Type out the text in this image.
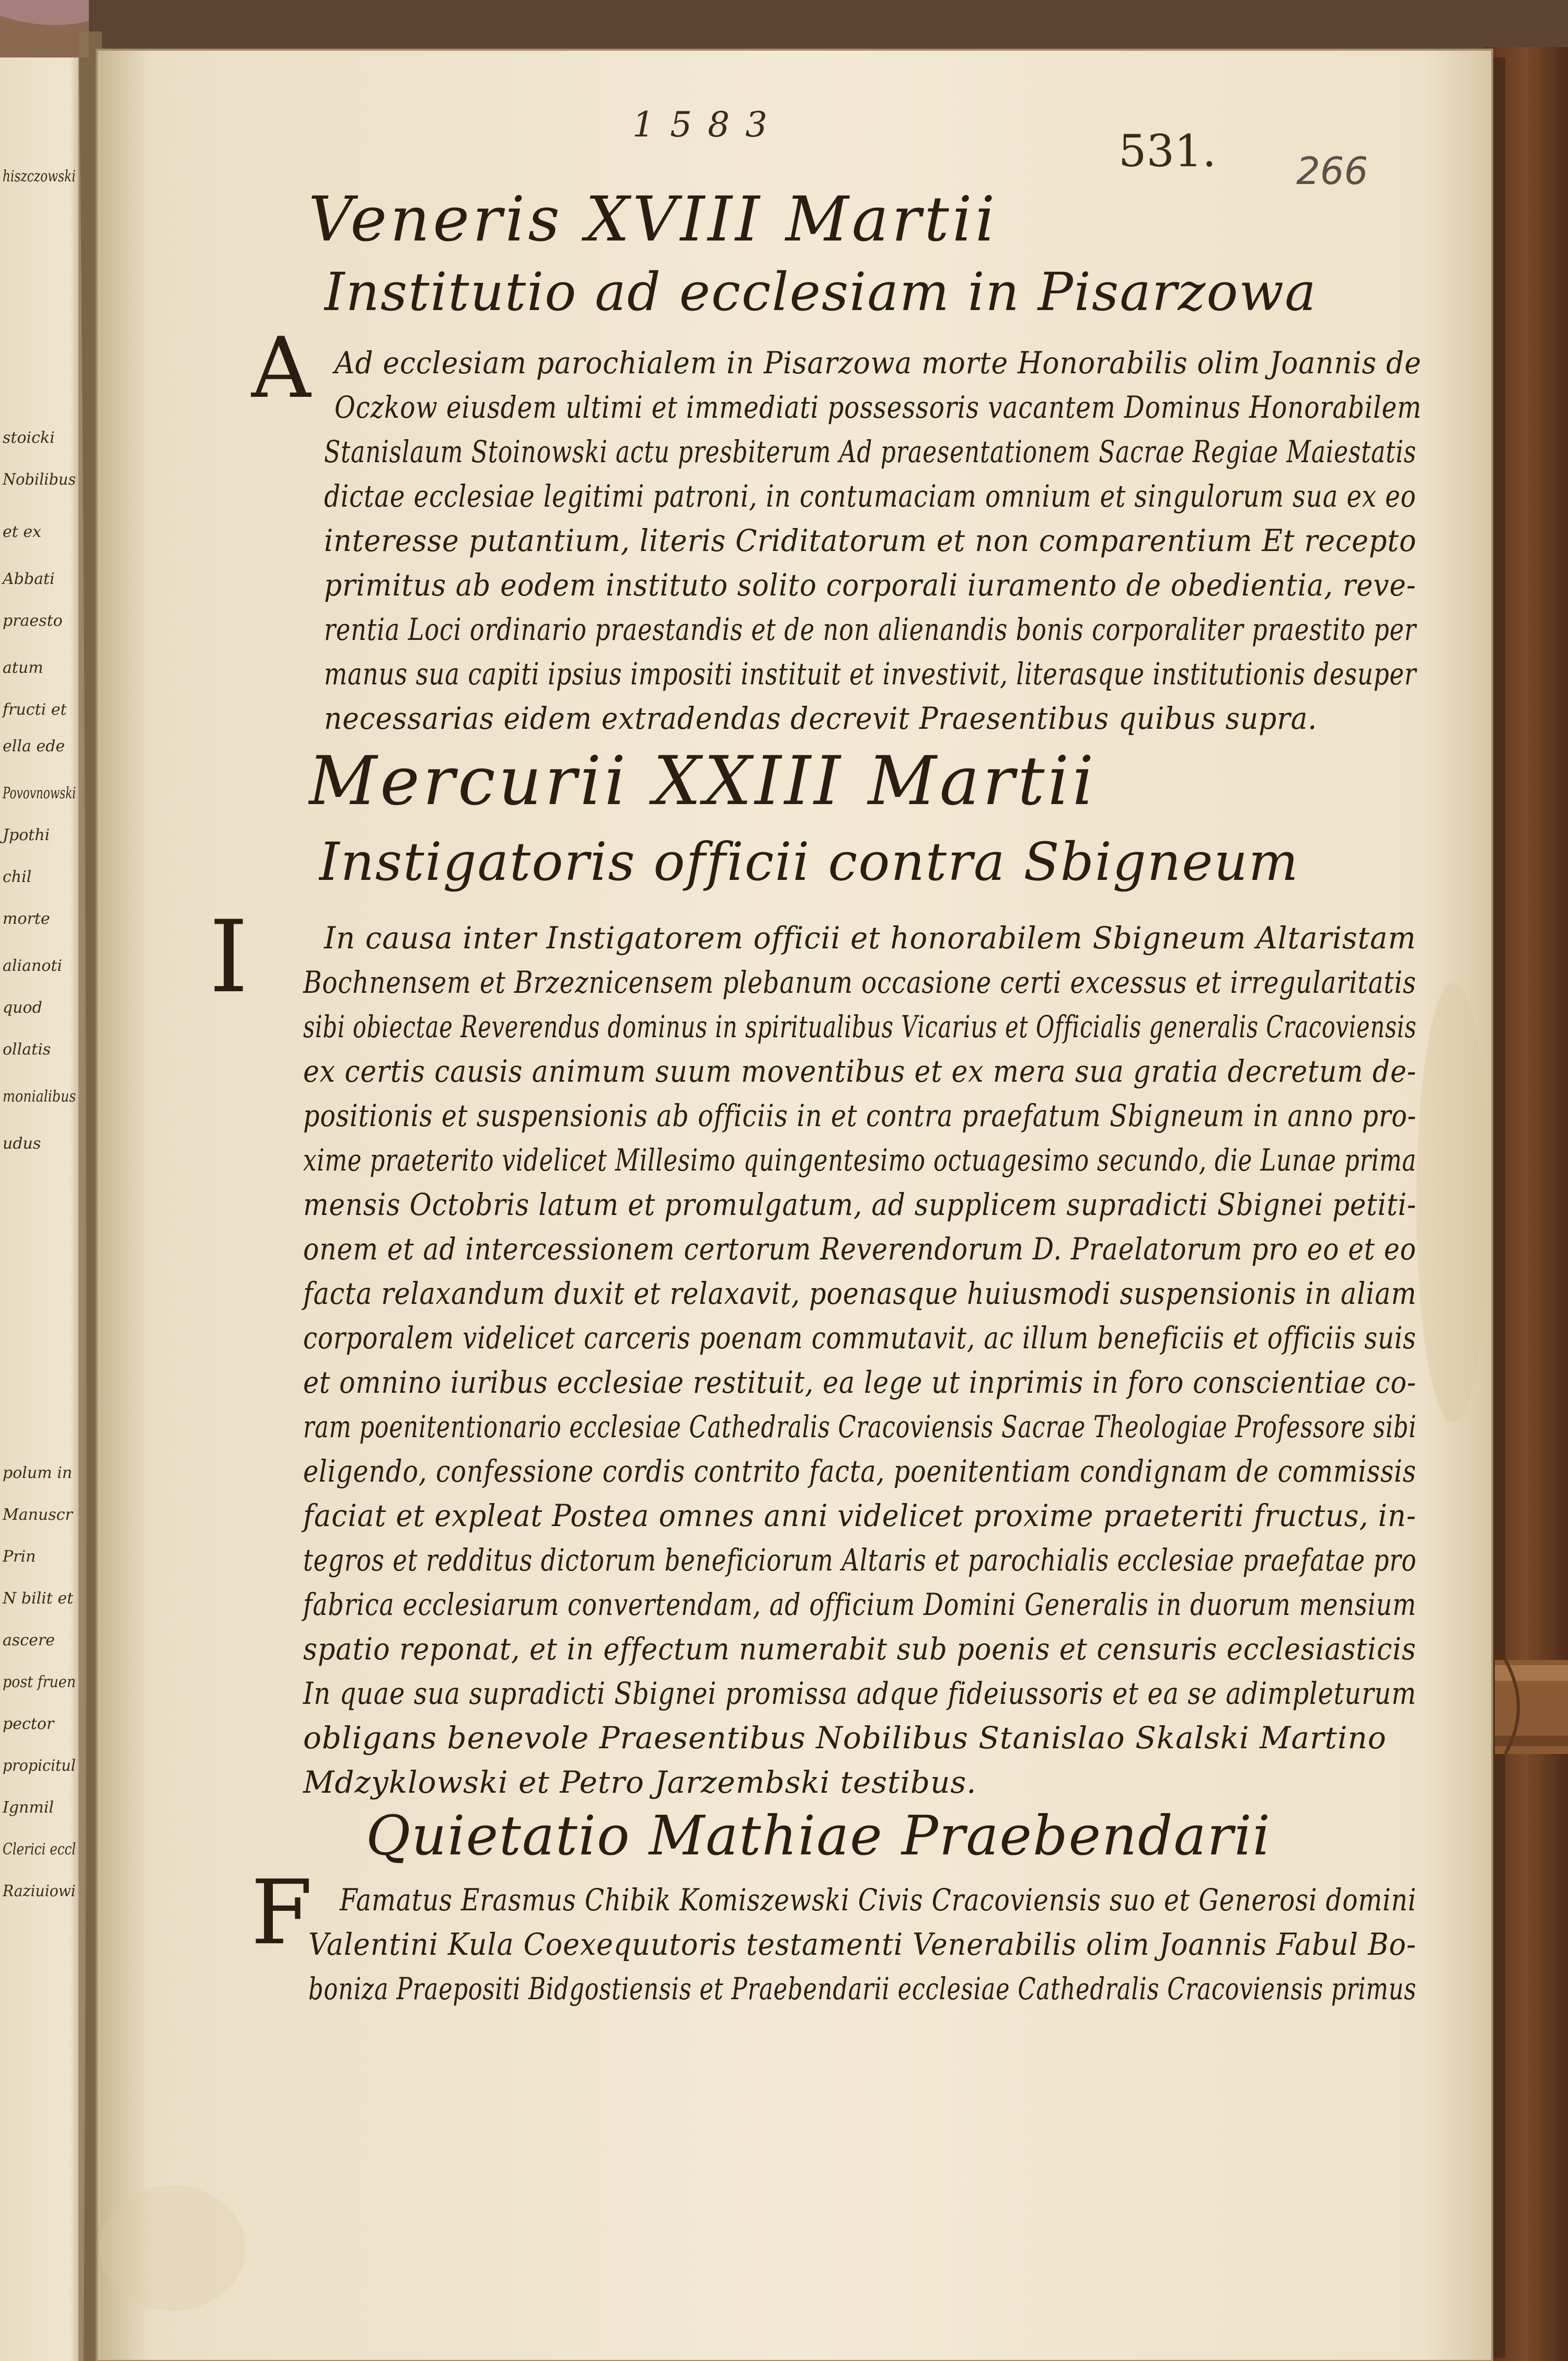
1583
531. 266
Veneris XVIII Martii
Institutio ad ecclesiam in Pisarzowa
A Ad ecclesiam parochialem in Pisarzowa morte Honorabilis olim Joannis de
Oczkow eiusdem ultimi et immediati possessoris vacantem Dominus Honorabilem
Stanislaum Stoinowski actu presbiterum Ad praesentationem Sacrae Regiae Maiestatis
dictae ecclesiae legitimi patroni, in contumaciam omnium et singulorum sua ex eo
interesse putantium, literis Criditatorum et non comparentium Et recepto
primitus ab eodem instituto solito corporali iuramento de obedientia, reve-
rentia Loci ordinario praestandis et de non alienandis bonis corporaliter praestito per
manus sua capiti ipsius impositi instituit et investivit, literasque institutionis desuper
necessarias eidem extradendas decrevit Praesentibus quibus supra.
Mercurii XXIII Martii
Instigatoris officii contra Sbigneum
I In causa inter Instigatorem officii et honorabilem Sbigneum Altaristam
Bochnensem et Brzeznicensem plebanum occasione certi excessus et irregularitatis
sibi obiectae Reverendus dominus in spiritualibus Vicarius et Officialis generalis Cracoviensis
ex certis causis animum suum moventibus et ex mera sua gratia decretum de-
positionis et suspensionis ab officiis in et contra praefatum Sbigneum in anno pro-
xime praeterito videlicet Millesimo quingentesimo octuagesimo secundo, die Lunae prima
mensis Octobris latum et promulgatum, ad supplicem supradicti Sbignei petiti-
onem et ad intercessionem certorum Reverendorum D. Praelatorum pro eo et eo
facta relaxandum duxit et relaxavit, poenasque huiusmodi suspensionis in aliam
corporalem videlicet carceris poenam commutavit, ac illum beneficiis et officiis suis
et omnino iuribus ecclesiae restituit, ea lege ut inprimis in foro conscientiae co-
ram poenitentionario ecclesiae Cathedralis Cracoviensis Sacrae Theologiae Professore sibi
eligendo, confessione cordis contrito facta, poenitentiam condignam de commissis
faciat et expleat Postea omnes anni videlicet proxime praeteriti fructus, in-
tegros et redditus dictorum beneficiorum Altaris et parochialis ecclesiae praefatae pro
fabrica ecclesiarum convertendam, ad officium Domini Generalis in duorum mensium
spatio reponat, et in effectum numerabit sub poenis et censuris ecclesiasticis
In quae sua supradicti Sbignei promissa adque fideiussoris et ea se adimpleturum
obligans benevole Praesentibus Nobilibus Stanislao Skalski Martino
Mdzyklowski et Petro Jarzembski testibus.
Quietatio Mathiae Praebendarii
F Famatus Erasmus Chibik Komiszewski Civis Cracoviensis suo et Generosi domini
Valentini Kula Coexequutoris testamenti Venerabilis olim Joannis Fabul Bo-
boniza Praepositi Bidgostiensis et Praebendarii ecclesiae Cathedralis Cracoviensis primus
hiszczowski
stoicki
Nobilibus
et ex
Abbati
praesto
atum
fructi et
ella ede
Povovnowski
Jpothi
chil
morte
alianoti
quod
ollatis
monialibus
udus
polum in
Manuscr
Prin
N bilit et
ascere
post fruen
pector
propicitul
Ignmil
Clerici eccl
Raziuiowi
